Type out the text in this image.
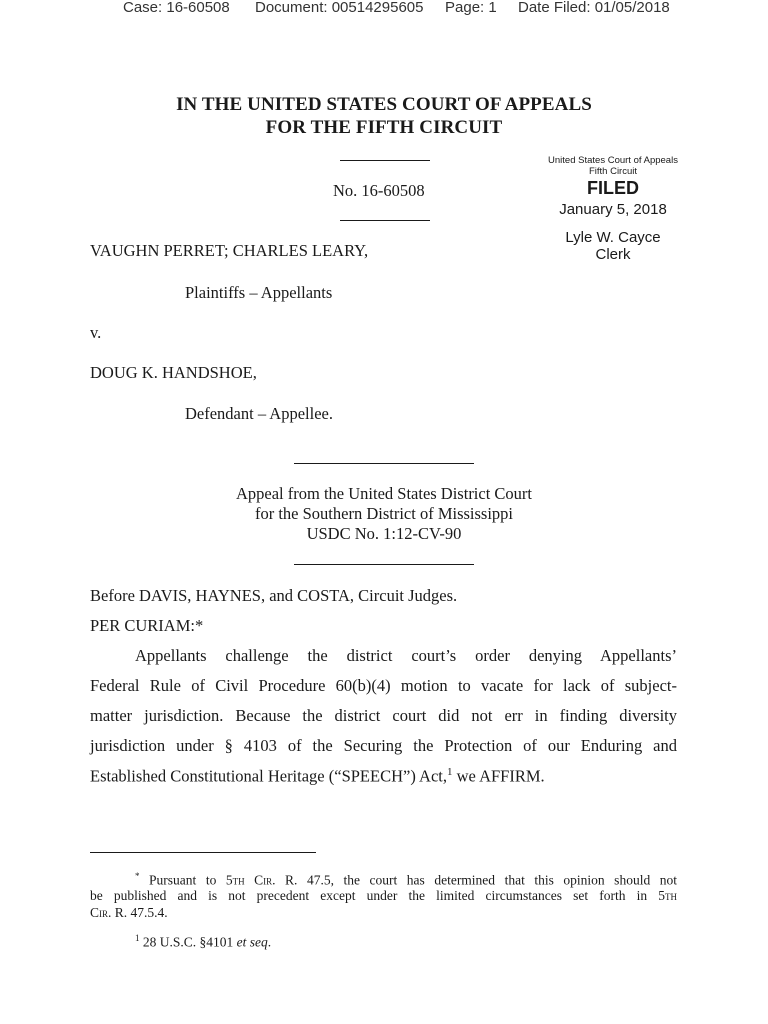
Case: 16-60508 Document: 00514295605 Page: 1 Date Filed: 01/05/2018
IN THE UNITED STATES COURT OF APPEALS
FOR THE FIFTH CIRCUIT
No. 16-60508
United States Court of Appeals
Fifth Circuit
FILED
January 5, 2018
Lyle W. Cayce
Clerk
VAUGHN PERRET; CHARLES LEARY,
Plaintiffs – Appellants
v.
DOUG K. HANDSHOE,
Defendant – Appellee.
Appeal from the United States District Court
for the Southern District of Mississippi
USDC No. 1:12-CV-90
Before DAVIS, HAYNES, and COSTA, Circuit Judges.
PER CURIAM:*
Appellants challenge the district court’s order denying Appellants’
Federal Rule of Civil Procedure 60(b)(4) motion to vacate for lack of subject-
matter jurisdiction. Because the district court did not err in finding diversity
jurisdiction under § 4103 of the Securing the Protection of our Enduring and
Established Constitutional Heritage (“SPEECH”) Act,$^1$ we AFFIRM.
* Pursuant to 5th Cir. R. 47.5, the court has determined that this opinion should not
be published and is not precedent except under the limited circumstances set forth in 5th
Cir. R. 47.5.4.
$^1$ 28 U.S.C. §4101 et seq.
